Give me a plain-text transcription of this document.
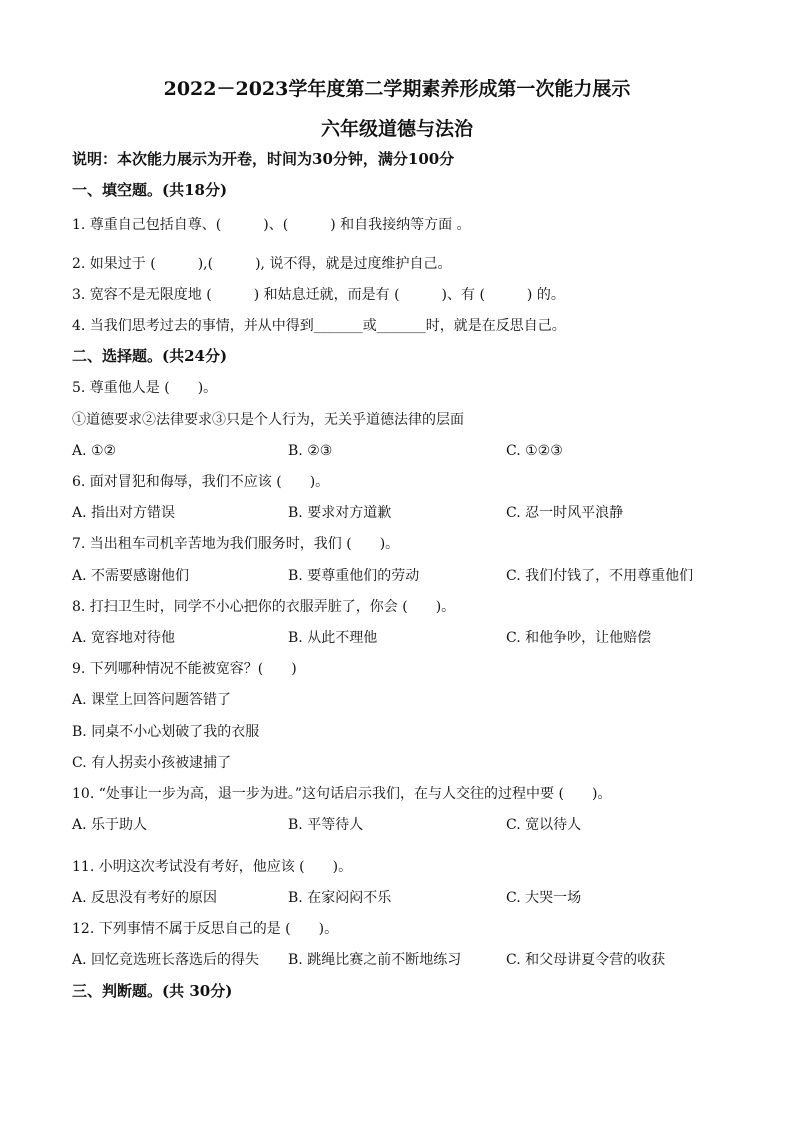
2022－2023学年度第二学期素养形成第一次能力展示
六年级道德与法治
说明：本次能力展示为开卷，时间为30分钟，满分100分
一、填空题。(共18分)
1. 尊重自己包括自尊、(　　　)、(　　　) 和自我接纳等方面 。
2. 如果过于 (　　　),(　　　), 说不得，就是过度维护自己。
3. 宽容不是无限度地 (　　　) 和姑息迁就，而是有 (　　　)、有 (　　　) 的。
4. 当我们思考过去的事情，并从中得到_______或_______时，就是在反思自己。
二、选择题。(共24分)
5. 尊重他人是 (　　)。
①道德要求②法律要求③只是个人行为，无关乎道德法律的层面
A. ①②	B. ②③	C. ①②③
6. 面对冒犯和侮辱，我们不应该 (　　)。
A. 指出对方错误	B. 要求对方道歉	C. 忍一时风平浪静
7. 当出租车司机辛苦地为我们服务时，我们 (　　)。
A. 不需要感谢他们	B. 要尊重他们的劳动	C. 我们付钱了，不用尊重他们
8. 打扫卫生时，同学不小心把你的衣服弄脏了，你会 (　　)。
A. 宽容地对待他	B. 从此不理他	C. 和他争吵，让他赔偿
9. 下列哪种情况不能被宽容？(　　)
A. 课堂上回答问题答错了
B. 同桌不小心划破了我的衣服
C. 有人拐卖小孩被逮捕了
10. “处事让一步为高，退一步为进。”这句话启示我们，在与人交往的过程中要 (　　)。
A. 乐于助人	B. 平等待人	C. 宽以待人
11. 小明这次考试没有考好，他应该 (　　)。
A. 反思没有考好的原因	B. 在家闷闷不乐	C. 大哭一场
12. 下列事情不属于反思自己的是 (　　)。
A. 回忆竞选班长落选后的得失 B. 跳绳比赛之前不断地练习	C. 和父母讲夏令营的收获
三、判断题。(共 30分)
